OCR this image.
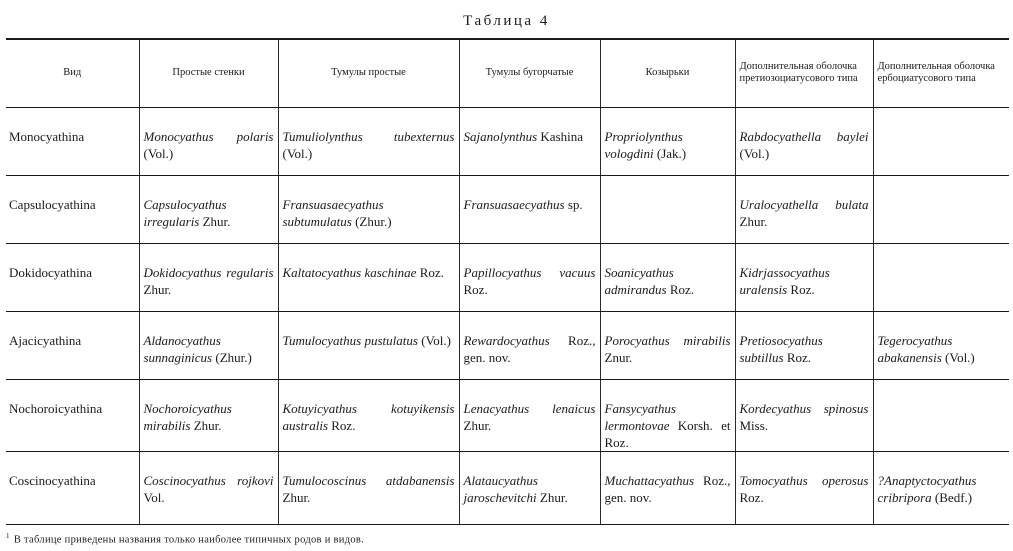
Таблица 4
Вид	Простые стенки	Тумулы простые	Тумулы бугорчатые	Козырьки	Дополнительная оболочка претиозоциатусового типа	Дополнительная оболочка ербоциатусового типа
Monocyathina	Monocyathus polaris (Vol.)	Tumuliolynthus tubexternus (Vol.)	Sajanolynthus Kashina	Propriolynthus vologdini (Jak.)	Rabdocyathella baylei (Vol.)	
Capsulocyathina	Capsulocyathus irregularis Zhur.	Fransuasaecyathus subtumulatus (Zhur.)	Fransuasaecyathus sp.		Uralocyathella bulata Zhur.	
Dokidocyathina	Dokidocyathus regularis Zhur.	Kaltatocyathus kaschinae Roz.	Papillocyathus vacuus Roz.	Soanicyathus admirandus Roz.	Kidrjassocyathus uralensis Roz.	
Ajacicyathina	Aldanocyathus sunnaginicus (Zhur.)	Tumulocyathus pustulatus (Vol.)	Rewardocyathus Roz., gen. nov.	Porocyathus mirabilis Znur.	Pretiosocyathus subtillus Roz.	Tegerocyathus abakanensis (Vol.)
Nochoroicyathina	Nochoroicyathus mirabilis Zhur.	Kotuyicyathus kotuyikensis australis Roz.	Lenacyathus lenaicus Zhur.	Fansycyathus lermontovae Korsh. et Roz.	Kordecyathus spinosus Miss.	
Coscinocyathina	Coscinocyathus rojkovi Vol.	Tumulocoscinus atdabanensis Zhur.	Alataucyathus jaroschevitchi Zhur.	Muchattacyathus Roz., gen. nov.	Tomocyathus operosus Roz.	?Anaptyctocyathus cribripora (Bedf.)
$^1$ В таблице приведены названия только наиболее типичных родов и видов.
